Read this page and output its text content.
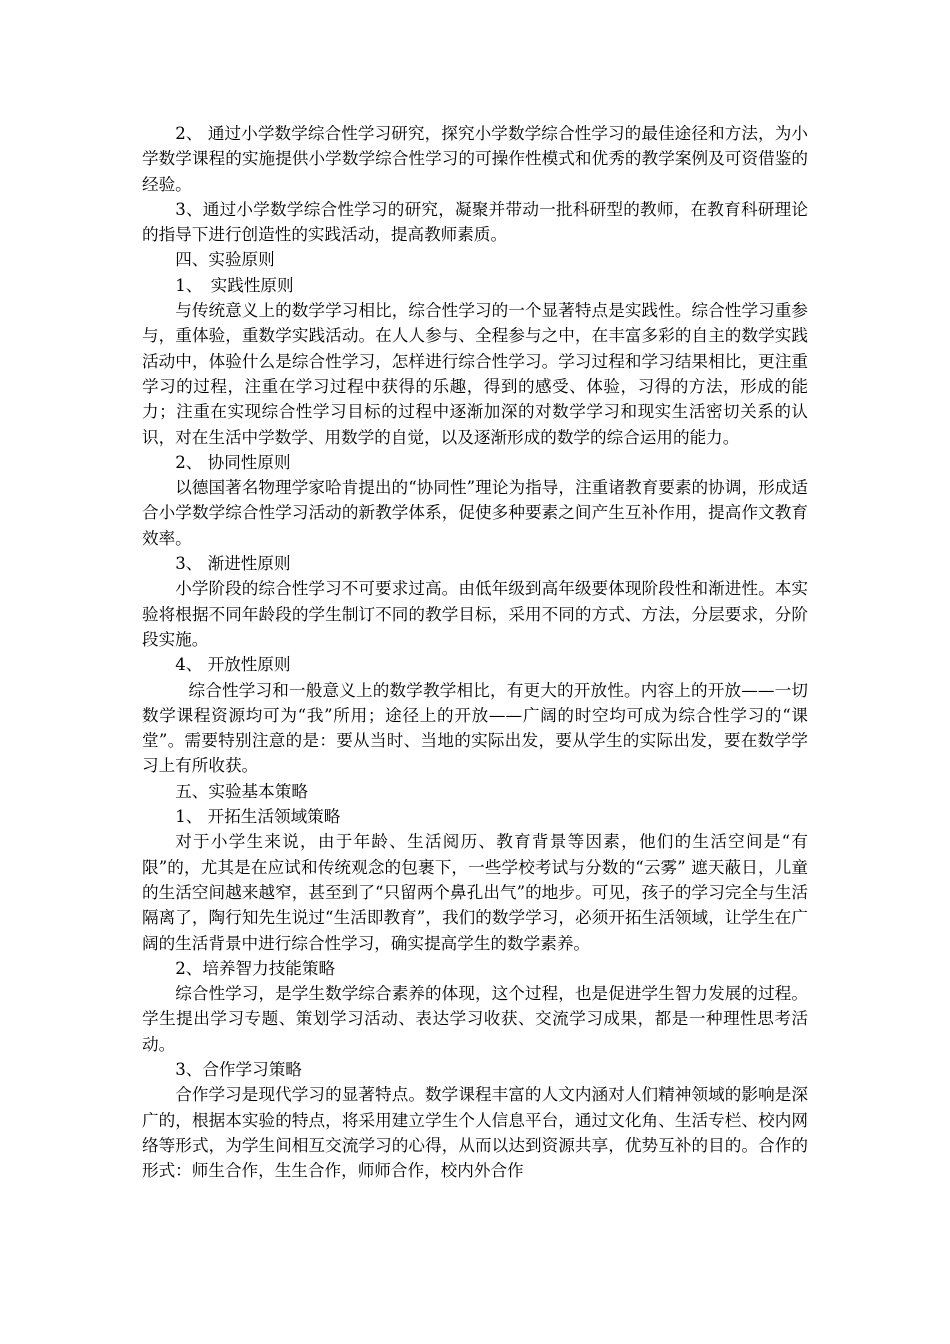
2、 通过小学数学综合性学习研究，探究小学数学综合性学习的最佳途径和方法，为小学数学课程的实施提供小学数学综合性学习的可操作性模式和优秀的教学案例及可资借鉴的经验。

3、通过小学数学综合性学习的研究，凝聚并带动一批科研型的教师，在教育科研理论的指导下进行创造性的实践活动，提高教师素质。

四、实验原则

1、　实践性原则

与传统意义上的数学学习相比，综合性学习的一个显著特点是实践性。综合性学习重参与，重体验，重数学实践活动。在人人参与、全程参与之中，在丰富多彩的自主的数学实践活动中，体验什么是综合性学习，怎样进行综合性学习。学习过程和学习结果相比，更注重学习的过程，注重在学习过程中获得的乐趣，得到的感受、体验，习得的方法，形成的能力；注重在实现综合性学习目标的过程中逐渐加深的对数学学习和现实生活密切关系的认识，对在生活中学数学、用数学的自觉，以及逐渐形成的数学的综合运用的能力。

2、 协同性原则

以德国著名物理学家哈肯提出的“协同性”理论为指导，注重诸教育要素的协调，形成适合小学数学综合性学习活动的新教学体系，促使多种要素之间产生互补作用，提高作文教育效率。

3、 渐进性原则

小学阶段的综合性学习不可要求过高。由低年级到高年级要体现阶段性和渐进性。本实验将根据不同年龄段的学生制订不同的教学目标，采用不同的方式、方法，分层要求，分阶段实施。

4、 开放性原则

综合性学习和一般意义上的数学教学相比，有更大的开放性。内容上的开放——一切数学课程资源均可为“我”所用；途径上的开放——广阔的时空均可成为综合性学习的“课堂”。需要特别注意的是：要从当时、当地的实际出发，要从学生的实际出发，要在数学学习上有所收获。

五、实验基本策略

1、 开拓生活领域策略

对于小学生来说，由于年龄、生活阅历、教育背景等因素，他们的生活空间是“有限”的，尤其是在应试和传统观念的包裹下，一些学校考试与分数的“云雾” 遮天蔽日，儿童的生活空间越来越窄，甚至到了“只留两个鼻孔出气”的地步。可见，孩子的学习完全与生活隔离了，陶行知先生说过“生活即教育”，我们的数学学习，必须开拓生活领域，让学生在广阔的生活背景中进行综合性学习，确实提高学生的数学素养。

2、培养智力技能策略

综合性学习，是学生数学综合素养的体现，这个过程，也是促进学生智力发展的过程。学生提出学习专题、策划学习活动、表达学习收获、交流学习成果，都是一种理性思考活动。

3、合作学习策略

合作学习是现代学习的显著特点。数学课程丰富的人文内涵对人们精神领域的影响是深广的，根据本实验的特点，将采用建立学生个人信息平台，通过文化角、生活专栏、校内网络等形式，为学生间相互交流学习的心得，从而以达到资源共享，优势互补的目的。合作的形式：师生合作，生生合作，师师合作，校内外合作
